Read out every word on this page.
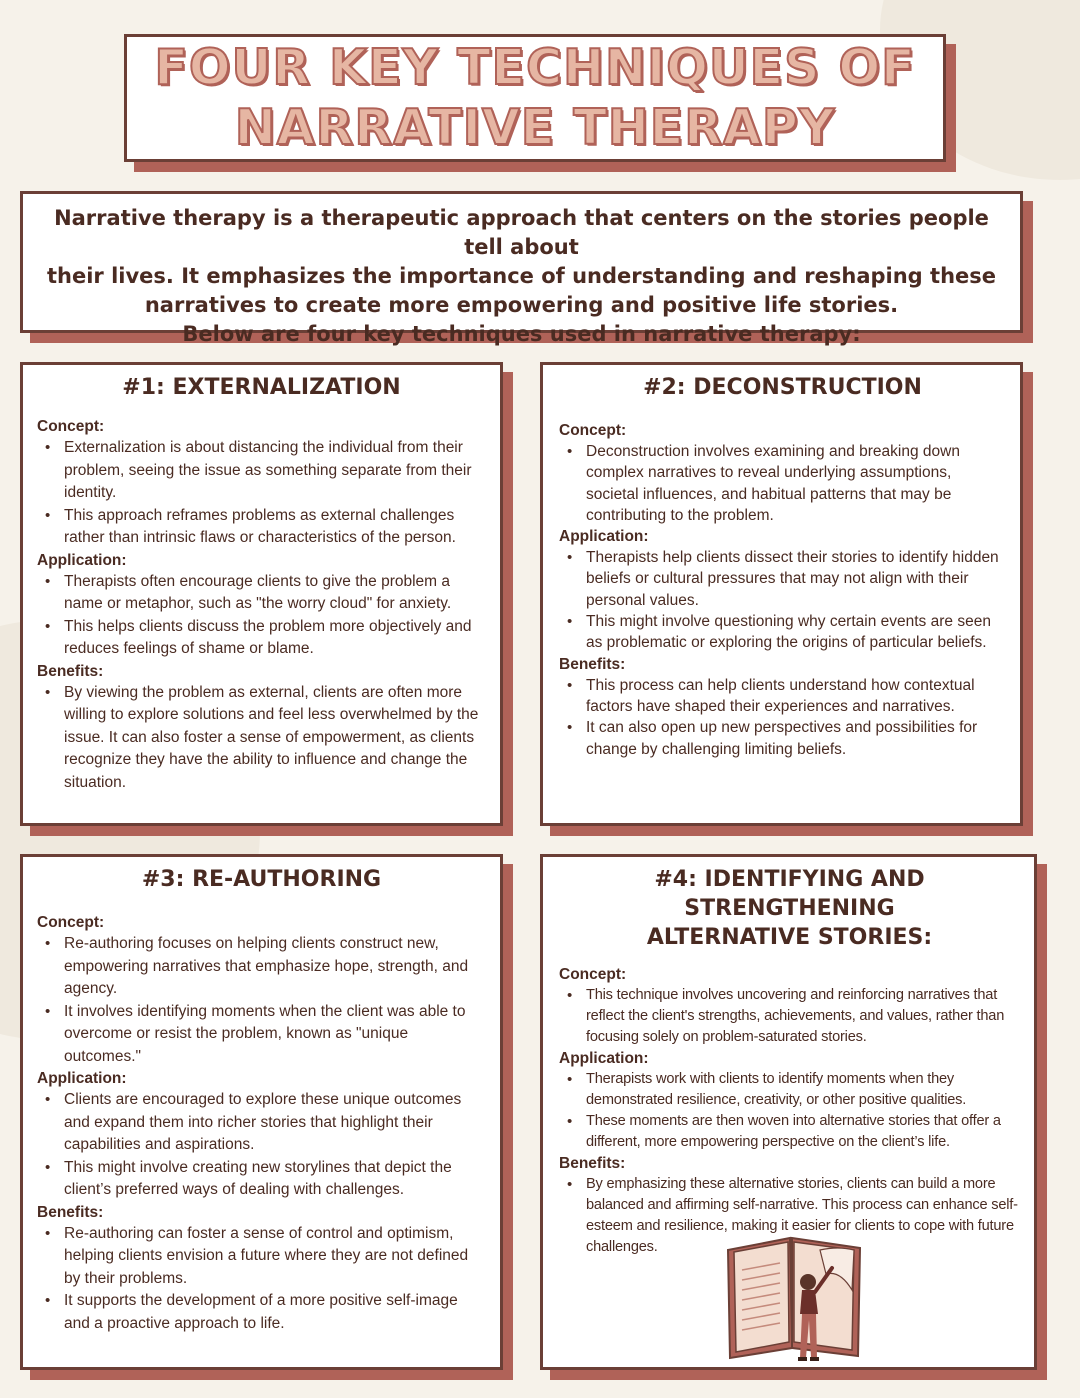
FOUR KEY TECHNIQUES OF
NARRATIVE THERAPY
Narrative therapy is a therapeutic approach that centers on the stories people tell about
their lives. It emphasizes the importance of understanding and reshaping these
narratives to create more empowering and positive life stories.
Below are four key techniques used in narrative therapy:
#1: EXTERNALIZATION
Concept:
• Externalization is about distancing the individual from their problem, seeing the issue as something separate from their identity.
• This approach reframes problems as external challenges rather than intrinsic flaws or characteristics of the person.
Application:
• Therapists often encourage clients to give the problem a name or metaphor, such as "the worry cloud" for anxiety.
• This helps clients discuss the problem more objectively and reduces feelings of shame or blame.
Benefits:
• By viewing the problem as external, clients are often more willing to explore solutions and feel less overwhelmed by the issue. It can also foster a sense of empowerment, as clients recognize they have the ability to influence and change the situation.
#2: DECONSTRUCTION
Concept:
• Deconstruction involves examining and breaking down complex narratives to reveal underlying assumptions, societal influences, and habitual patterns that may be contributing to the problem.
Application:
• Therapists help clients dissect their stories to identify hidden beliefs or cultural pressures that may not align with their personal values.
• This might involve questioning why certain events are seen as problematic or exploring the origins of particular beliefs.
Benefits:
• This process can help clients understand how contextual factors have shaped their experiences and narratives.
• It can also open up new perspectives and possibilities for change by challenging limiting beliefs.
#3: RE-AUTHORING
Concept:
• Re-authoring focuses on helping clients construct new, empowering narratives that emphasize hope, strength, and agency.
• It involves identifying moments when the client was able to overcome or resist the problem, known as "unique outcomes."
Application:
• Clients are encouraged to explore these unique outcomes and expand them into richer stories that highlight their capabilities and aspirations.
• This might involve creating new storylines that depict the client’s preferred ways of dealing with challenges.
Benefits:
• Re-authoring can foster a sense of control and optimism, helping clients envision a future where they are not defined by their problems.
• It supports the development of a more positive self-image and a proactive approach to life.
#4: IDENTIFYING AND STRENGTHENING
ALTERNATIVE STORIES:
Concept:
• This technique involves uncovering and reinforcing narratives that reflect the client's strengths, achievements, and values, rather than focusing solely on problem-saturated stories.
Application:
• Therapists work with clients to identify moments when they demonstrated resilience, creativity, or other positive qualities.
• These moments are then woven into alternative stories that offer a different, more empowering perspective on the client’s life.
Benefits:
• By emphasizing these alternative stories, clients can build a more balanced and affirming self-narrative. This process can enhance self-esteem and resilience, making it easier for clients to cope with future challenges.
